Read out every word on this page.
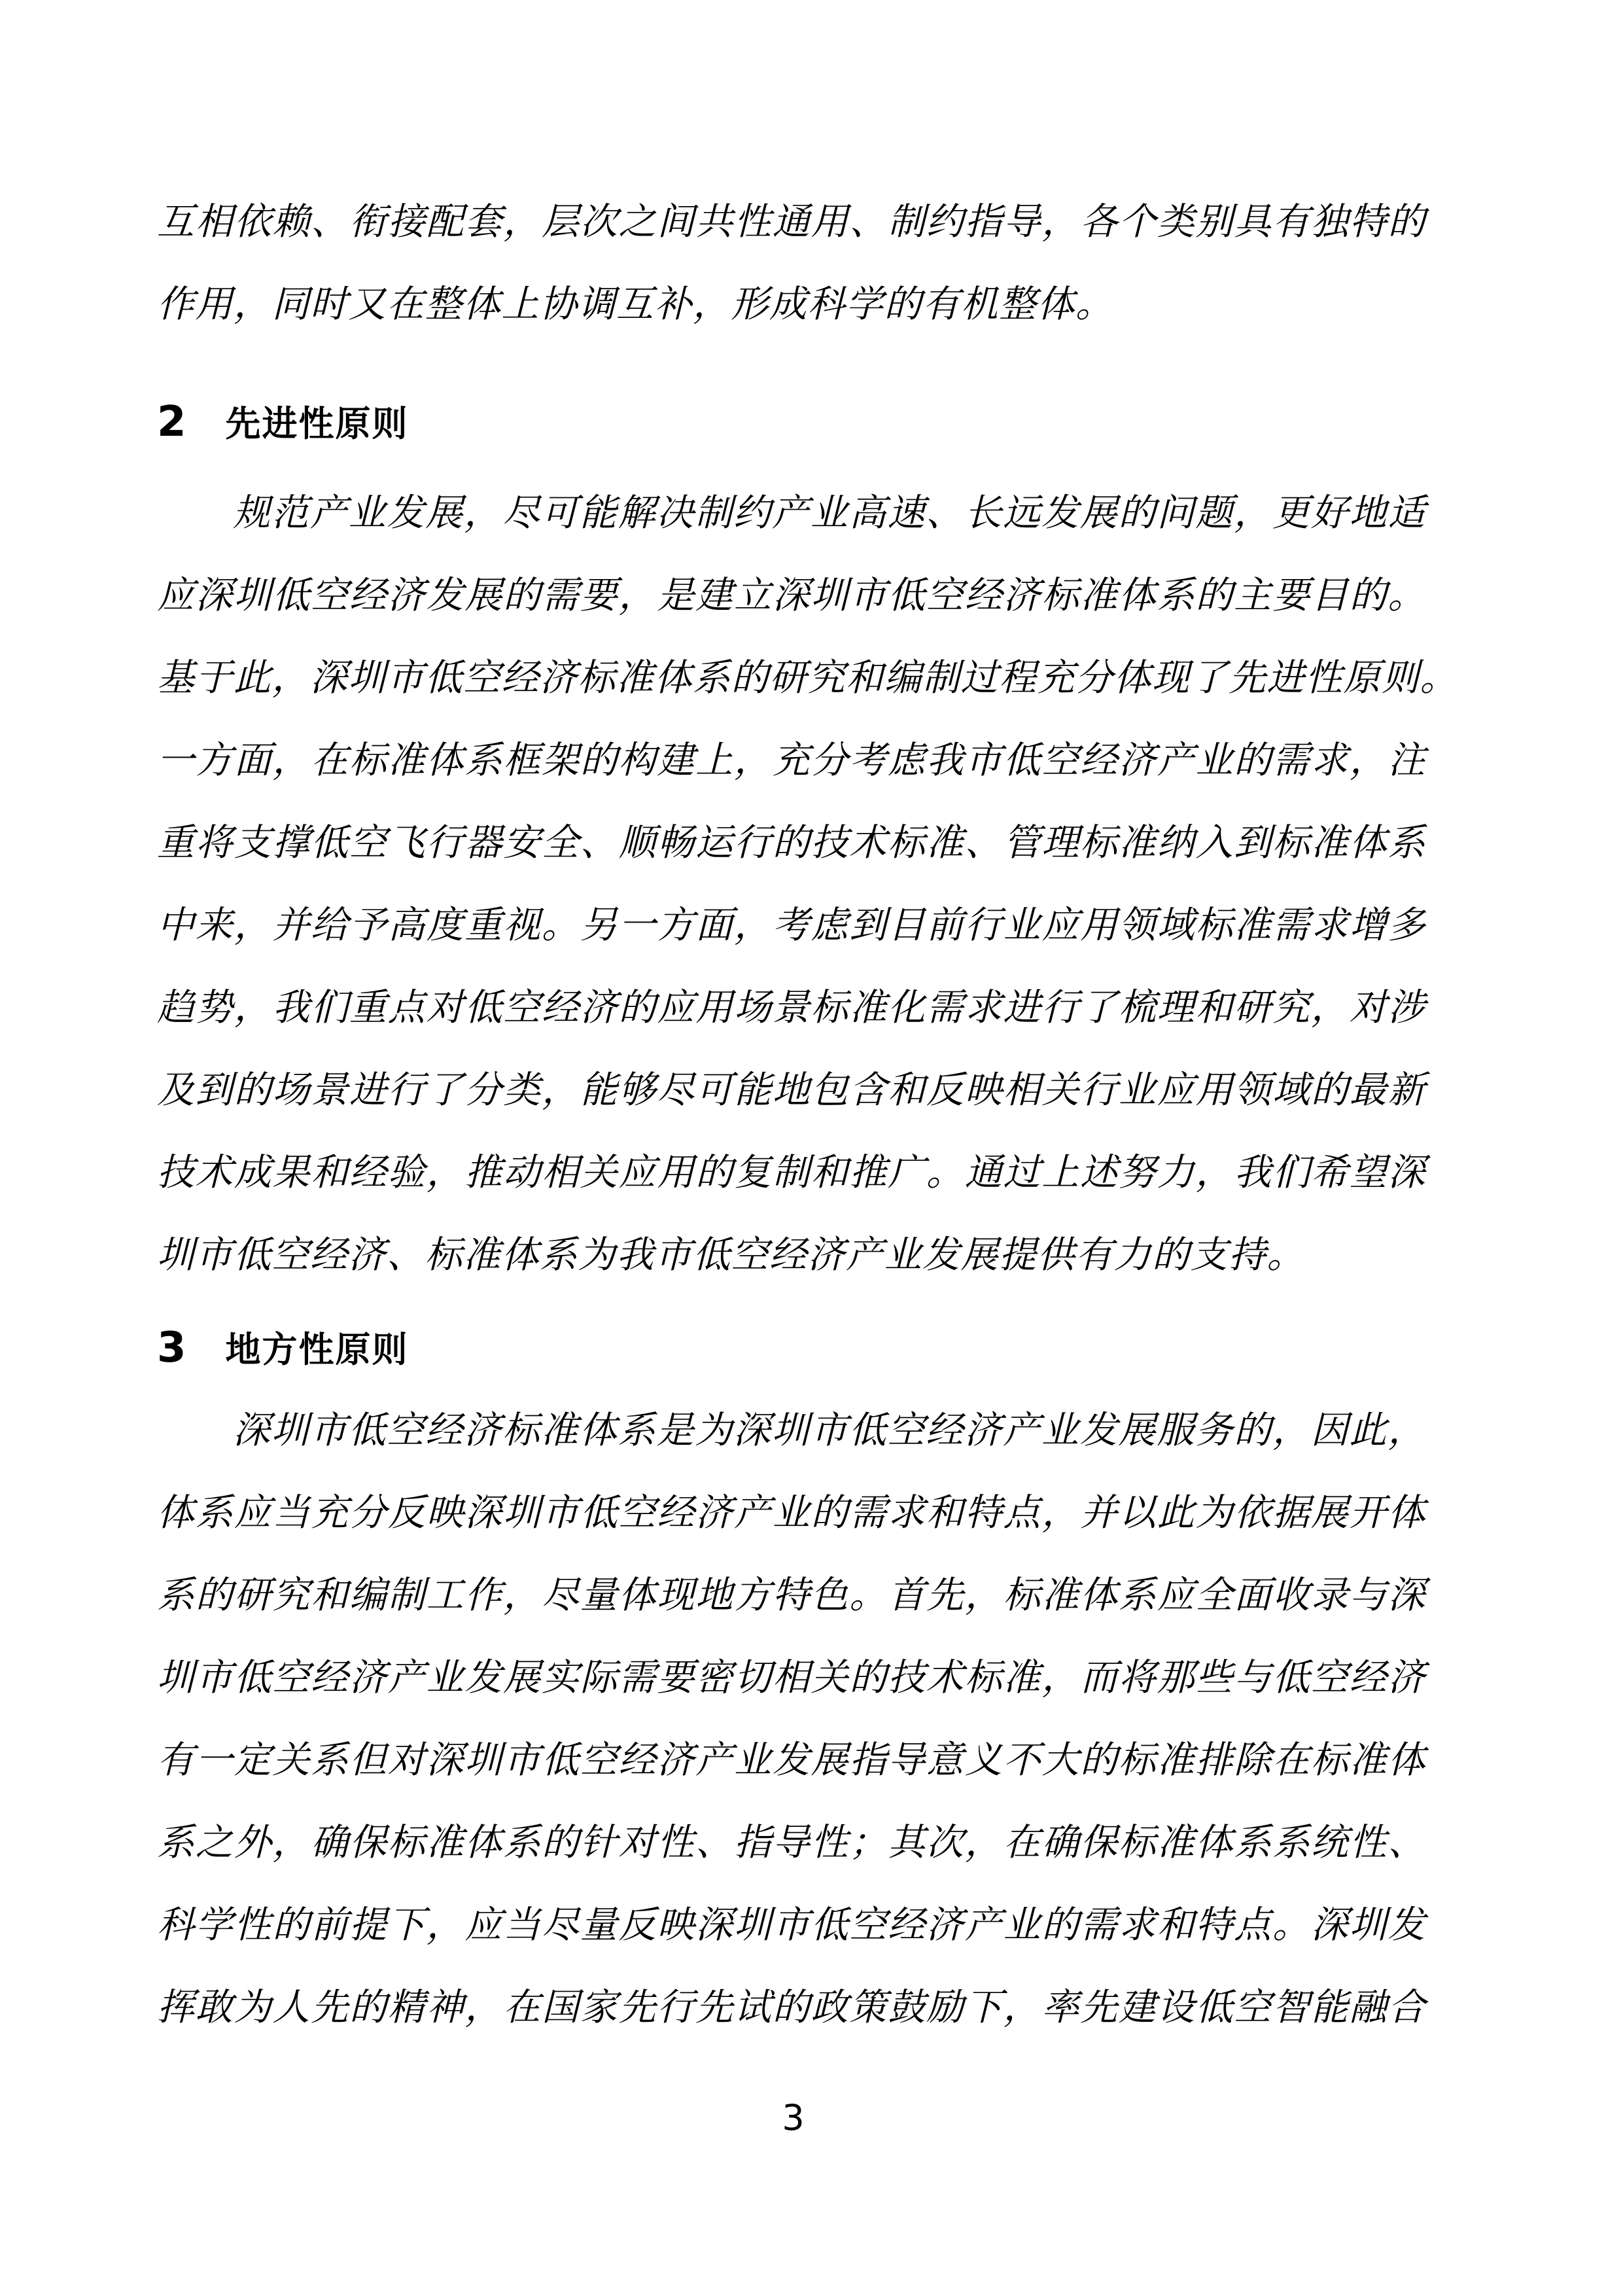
互相依赖、衔接配套，层次之间共性通用、制约指导，各个类别具有独特的
作用，同时又在整体上协调互补，形成科学的有机整体。
2 先进性原则
规范产业发展，尽可能解决制约产业高速、长远发展的问题，更好地适
应深圳低空经济发展的需要，是建立深圳市低空经济标准体系的主要目的。
基于此，深圳市低空经济标准体系的研究和编制过程充分体现了先进性原则。
一方面，在标准体系框架的构建上，充分考虑我市低空经济产业的需求，注
重将支撑低空飞行器安全、顺畅运行的技术标准、管理标准纳入到标准体系
中来，并给予高度重视。另一方面，考虑到目前行业应用领域标准需求增多
趋势，我们重点对低空经济的应用场景标准化需求进行了梳理和研究，对涉
及到的场景进行了分类，能够尽可能地包含和反映相关行业应用领域的最新
技术成果和经验，推动相关应用的复制和推广。通过上述努力，我们希望深
圳市低空经济、标准体系为我市低空经济产业发展提供有力的支持。
3 地方性原则
深圳市低空经济标准体系是为深圳市低空经济产业发展服务的，因此，
体系应当充分反映深圳市低空经济产业的需求和特点，并以此为依据展开体
系的研究和编制工作，尽量体现地方特色。首先，标准体系应全面收录与深
圳市低空经济产业发展实际需要密切相关的技术标准，而将那些与低空经济
有一定关系但对深圳市低空经济产业发展指导意义不大的标准排除在标准体
系之外，确保标准体系的针对性、指导性；其次，在确保标准体系系统性、
科学性的前提下，应当尽量反映深圳市低空经济产业的需求和特点。深圳发
挥敢为人先的精神，在国家先行先试的政策鼓励下，率先建设低空智能融合
3
